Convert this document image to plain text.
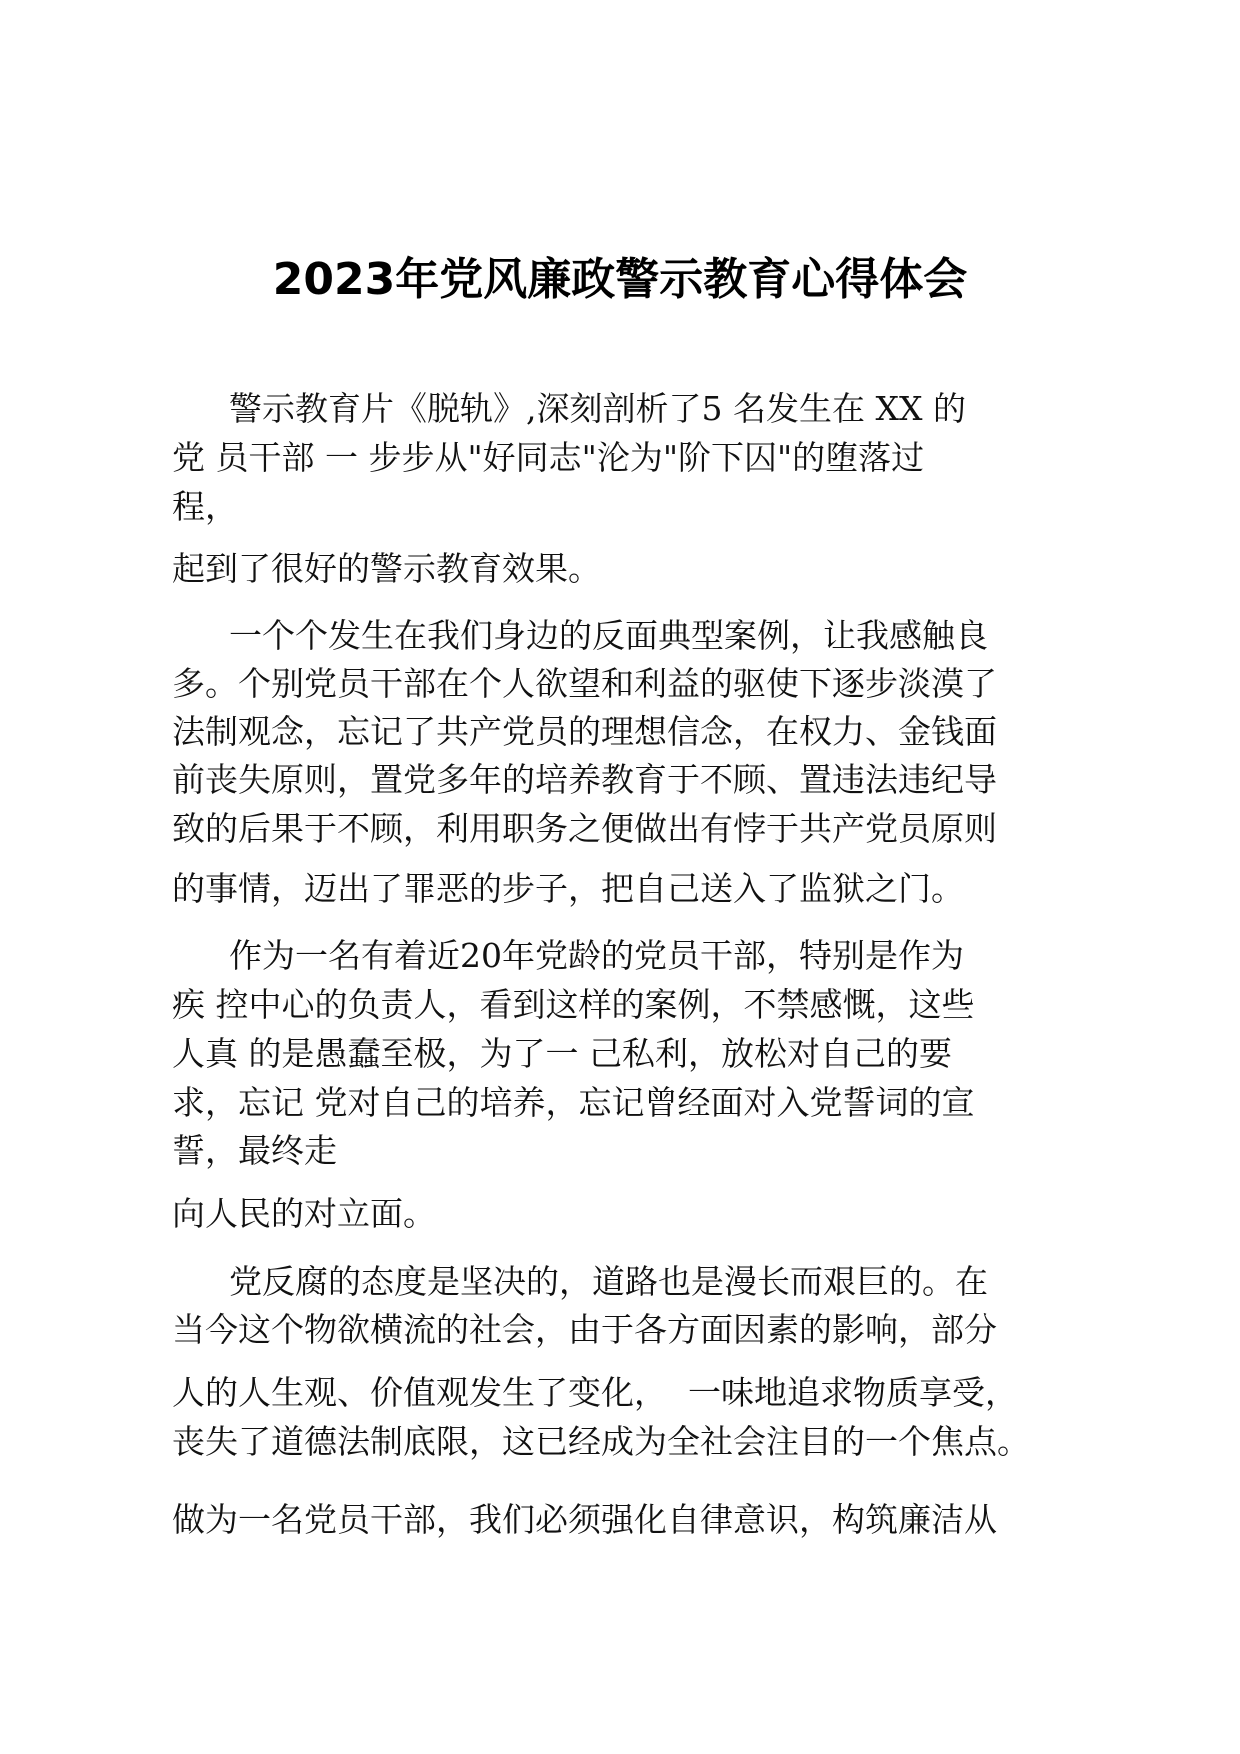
2023年党风廉政警示教育心得体会
警示教育片《脱轨》,深刻剖析了5 名发生在 XX 的
党 员干部 一 步步从"好同志"沦为"阶下囚"的堕落过
程，
起到了很好的警示教育效果。
一个个发生在我们身边的反面典型案例，让我感触良
多。个别党员干部在个人欲望和利益的驱使下逐步淡漠了
法制观念，忘记了共产党员的理想信念，在权力、金钱面
前丧失原则，置党多年的培养教育于不顾、置违法违纪导
致的后果于不顾，利用职务之便做出有悖于共产党员原则
的事情，迈出了罪恶的步子，把自己送入了监狱之门。
作为一名有着近20年党龄的党员干部，特别是作为
疾 控中心的负责人，看到这样的案例，不禁感慨，这些
人真 的是愚蠢至极，为了一 己私利，放松对自己的要
求，忘记 党对自己的培养，忘记曾经面对入党誓词的宣
誓，最终走
向人民的对立面。
党反腐的态度是坚决的，道路也是漫长而艰巨的。在
当今这个物欲横流的社会，由于各方面因素的影响，部分
人的人生观、价值观发生了变化，  一味地追求物质享受，
丧失了道德法制底限，这已经成为全社会注目的一个焦点。
做为一名党员干部，我们必须强化自律意识，构筑廉洁从
